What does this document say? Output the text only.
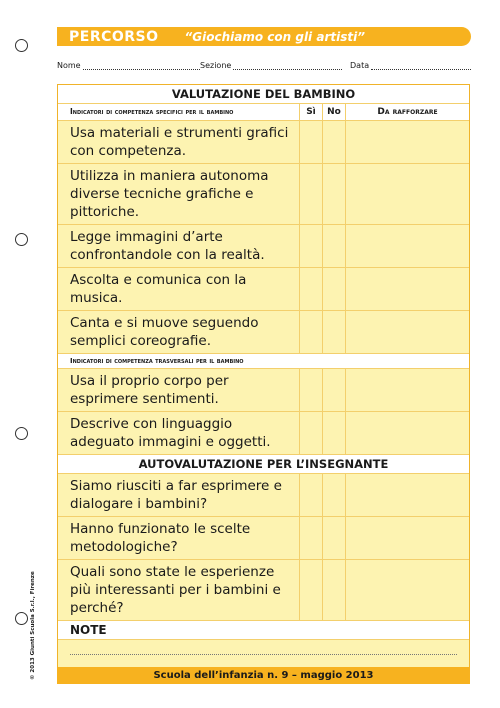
PERCORSO “Giochiamo con gli artisti”
Nome	Sezione	Data
VALUTAZIONE DEL BAMBINO
Indicatori di competenza specifici per il bambino	Sì	No	Da rafforzare
Usa materiali e strumenti grafici con competenza.
Utilizza in maniera autonoma diverse tecniche grafiche e pittoriche.
Legge immagini d’arte confrontandole con la realtà.
Ascolta e comunica con la musica.
Canta e si muove seguendo semplici coreografie.
Indicatori di competenza trasversali per il bambino
Usa il proprio corpo per esprimere sentimenti.
Descrive con linguaggio adeguato immagini e oggetti.
AUTOVALUTAZIONE PER L’INSEGNANTE
Siamo riusciti a far esprimere e dialogare i bambini?
Hanno funzionato le scelte metodologiche?
Quali sono state le esperienze più interessanti per i bambini e perché?
NOTE
Scuola dell’infanzia n. 9 – maggio 2013
© 2013 Giunti Scuola S.r.l., Firenze
